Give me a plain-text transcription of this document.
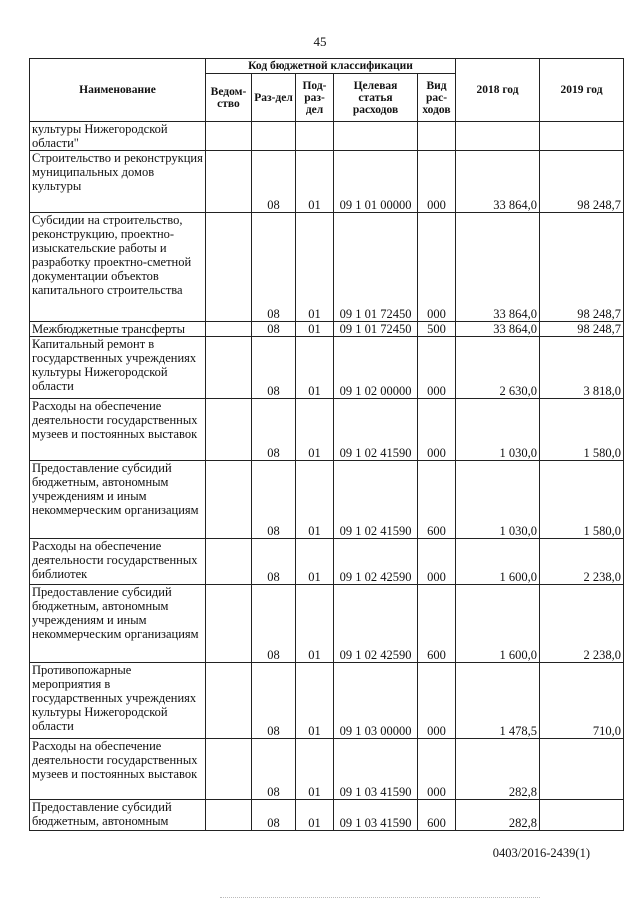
45
Наименование	Код бюджетной классификации					2018 год	2019 год
	Ведом-ство	Раз-дел	Под-раз-дел	Целевая статья расходов	Вид рас-ходов		
культуры Нижегородской области"							
Строительство и реконструкция муниципальных домов культуры		08	01	09 1 01 00000	000	33 864,0	98 248,7
Субсидии на строительство, реконструкцию, проектно-изыскательские работы и разработку проектно-сметной документации объектов капитального строительства		08	01	09 1 01 72450	000	33 864,0	98 248,7
Межбюджетные трансферты		08	01	09 1 01 72450	500	33 864,0	98 248,7
Капитальный ремонт в государственных учреждениях культуры Нижегородской области		08	01	09 1 02 00000	000	2 630,0	3 818,0
Расходы на обеспечение деятельности государственных музеев и постоянных выставок		08	01	09 1 02 41590	000	1 030,0	1 580,0
Предоставление субсидий бюджетным, автономным учреждениям и иным некоммерческим организациям		08	01	09 1 02 41590	600	1 030,0	1 580,0
Расходы на обеспечение деятельности государственных библиотек		08	01	09 1 02 42590	000	1 600,0	2 238,0
Предоставление субсидий бюджетным, автономным учреждениям и иным некоммерческим организациям		08	01	09 1 02 42590	600	1 600,0	2 238,0
Противопожарные мероприятия в государственных учреждениях культуры Нижегородской области		08	01	09 1 03 00000	000	1 478,5	710,0
Расходы на обеспечение деятельности государственных музеев и постоянных выставок		08	01	09 1 03 41590	000	282,8	
Предоставление субсидий бюджетным, автономным		08	01	09 1 03 41590	600	282,8	
0403/2016-2439(1)
